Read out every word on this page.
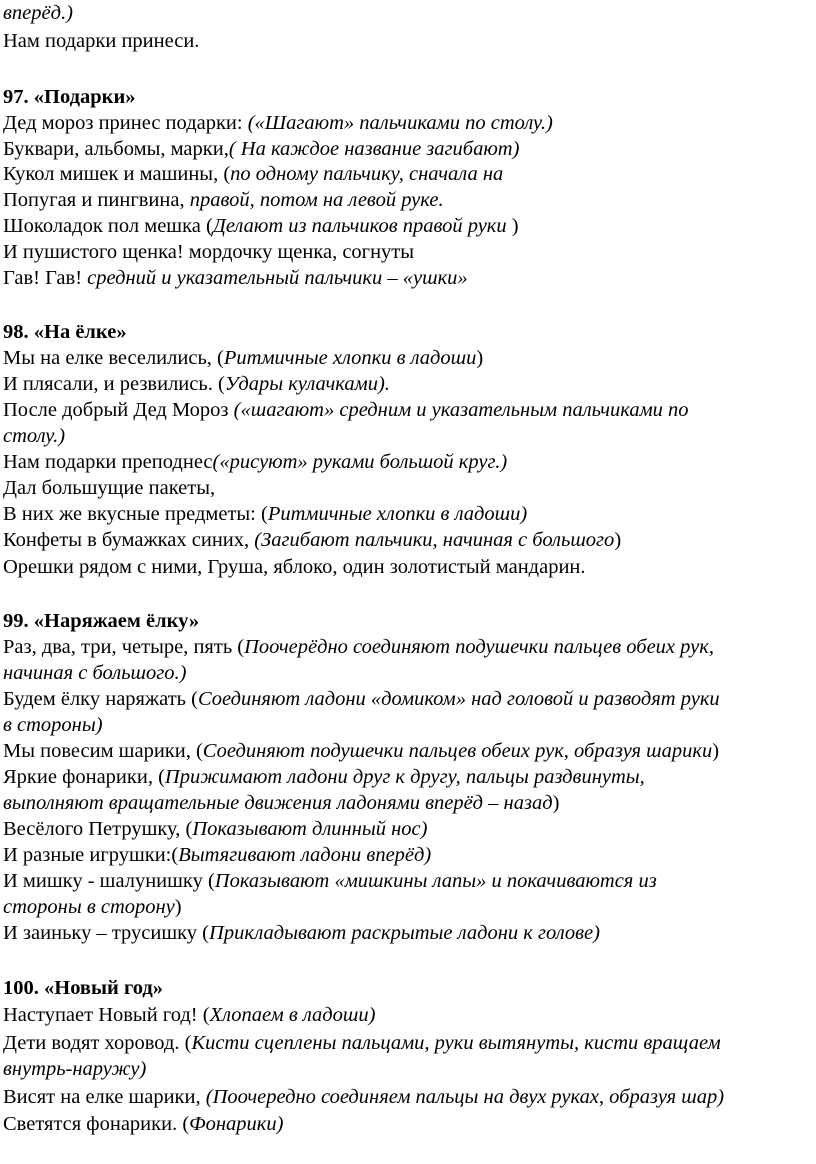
вперёд.)
Нам подарки принеси.
97. «Подарки»
Дед мороз принес подарки: («Шагают» пальчиками по столу.)
Буквари, альбомы, марки,( На каждое название загибают)
Кукол мишек и машины, (по одному пальчику, сначала на
Попугая и пингвина, правой, потом на левой руке.
Шоколадок пол мешка (Делают из пальчиков правой руки )
И пушистого щенка! мордочку щенка, согнуты
Гав! Гав! средний и указательный пальчики – «ушки»
98. «На ёлке»
Мы на елке веселились, (Ритмичные хлопки в ладоши)
И плясали, и резвились. (Удары кулачками).
После добрый Дед Мороз («шагают» средним и указательным пальчиками по
столу.)
Нам подарки преподнес(«рисуют» руками большой круг.)
Дал большущие пакеты,
В них же вкусные предметы: (Ритмичные хлопки в ладоши)
Конфеты в бумажках синих, (Загибают пальчики, начиная с большого)
Орешки рядом с ними, Груша, яблоко, один золотистый мандарин.
99. «Наряжаем ёлку»
Раз, два, три, четыре, пять (Поочерёдно соединяют подушечки пальцев обеих рук,
начиная с большого.)
Будем ёлку наряжать (Соединяют ладони «домиком» над головой и разводят руки
в стороны)
Мы повесим шарики, (Соединяют подушечки пальцев обеих рук, образуя шарики)
Яркие фонарики, (Прижимают ладони друг к другу, пальцы раздвинуты,
выполняют вращательные движения ладонями вперёд – назад)
Весёлого Петрушку, (Показывают длинный нос)
И разные игрушки:(Вытягивают ладони вперёд)
И мишку - шалунишку (Показывают «мишкины лапы» и покачиваются из
стороны в сторону)
И заиньку – трусишку (Прикладывают раскрытые ладони к голове)
100. «Новый год»
Наступает Новый год! (Хлопаем в ладоши)
Дети водят хоровод. (Кисти сцеплены пальцами, руки вытянуты, кисти вращаем
внутрь-наружу)
Висят на елке шарики, (Поочередно соединяем пальцы на двух руках, образуя шар)
Светятся фонарики. (Фонарики)
